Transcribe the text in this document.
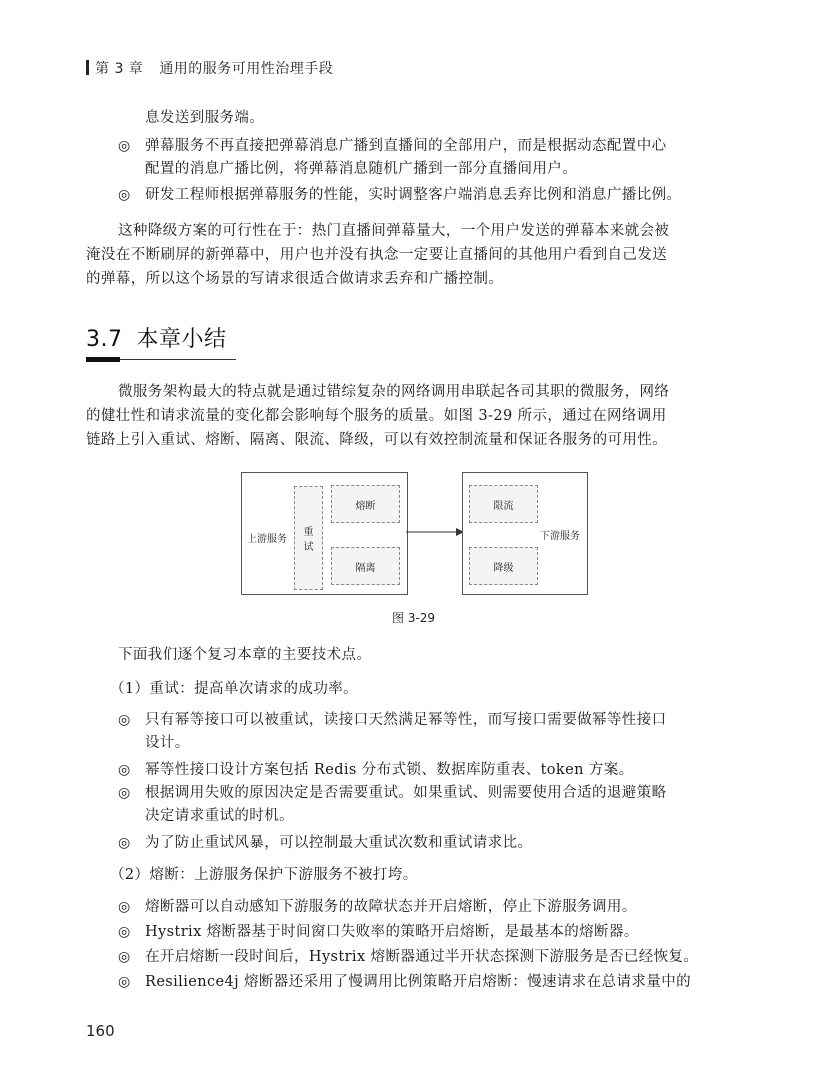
第 3 章 通用的服务可用性治理手段
息发送到服务端。
◎ 弹幕服务不再直接把弹幕消息广播到直播间的全部用户，而是根据动态配置中心
配置的消息广播比例，将弹幕消息随机广播到一部分直播间用户。
◎ 研发工程师根据弹幕服务的性能，实时调整客户端消息丢弃比例和消息广播比例。
这种降级方案的可行性在于：热门直播间弹幕量大，一个用户发送的弹幕本来就会被
淹没在不断刷屏的新弹幕中，用户也并没有执念一定要让直播间的其他用户看到自己发送
的弹幕，所以这个场景的写请求很适合做请求丢弃和广播控制。
3.7 本章小结
微服务架构最大的特点就是通过错综复杂的网络调用串联起各司其职的微服务，网络
的健壮性和请求流量的变化都会影响每个服务的质量。如图 3-29 所示，通过在网络调用
链路上引入重试、熔断、隔离、限流、降级，可以有效控制流量和保证各服务的可用性。
上游服务
重
试
熔断
隔离
限流
降级
下游服务
图 3-29
下面我们逐个复习本章的主要技术点。
（1）重试：提高单次请求的成功率。
◎ 只有幂等接口可以被重试，读接口天然满足幂等性，而写接口需要做幂等性接口
设计。
◎ 幂等性接口设计方案包括 Redis 分布式锁、数据库防重表、token 方案。
◎ 根据调用失败的原因决定是否需要重试。如果重试、则需要使用合适的退避策略
决定请求重试的时机。
◎ 为了防止重试风暴，可以控制最大重试次数和重试请求比。
（2）熔断：上游服务保护下游服务不被打垮。
◎ 熔断器可以自动感知下游服务的故障状态并开启熔断，停止下游服务调用。
◎ Hystrix 熔断器基于时间窗口失败率的策略开启熔断，是最基本的熔断器。
◎ 在开启熔断一段时间后，Hystrix 熔断器通过半开状态探测下游服务是否已经恢复。
◎ Resilience4j 熔断器还采用了慢调用比例策略开启熔断：慢速请求在总请求量中的
160
